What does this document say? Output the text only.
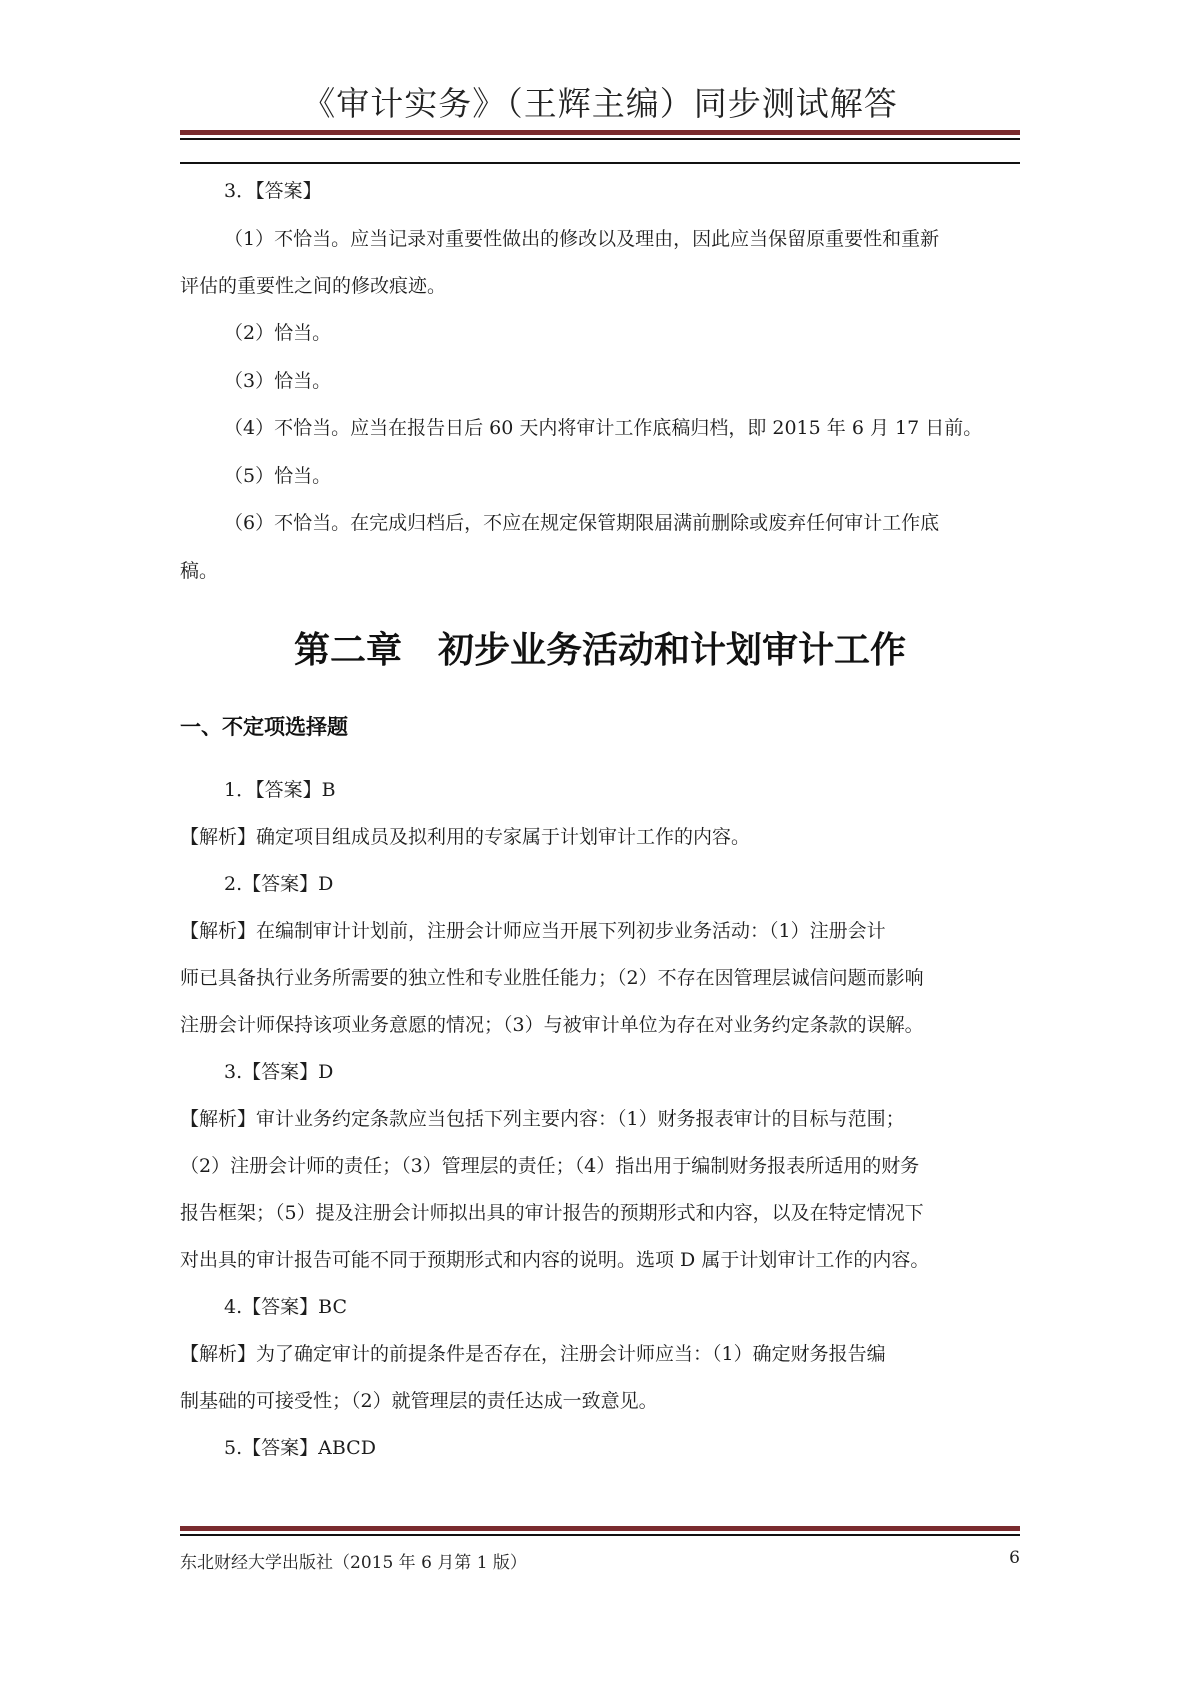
《审计实务》（王辉主编）同步测试解答
3．【答案】
（1）不恰当。应当记录对重要性做出的修改以及理由，因此应当保留原重要性和重新
评估的重要性之间的修改痕迹。
（2）恰当。
（3）恰当。
（4）不恰当。应当在报告日后 60 天内将审计工作底稿归档，即 2015 年 6 月 17 日前。
（5）恰当。
（6）不恰当。在完成归档后，不应在规定保管期限届满前删除或废弃任何审计工作底
稿。
第二章　初步业务活动和计划审计工作
一、不定项选择题
1．【答案】B
【解析】确定项目组成员及拟利用的专家属于计划审计工作的内容。
2.【答案】D
【解析】在编制审计计划前，注册会计师应当开展下列初步业务活动：（1）注册会计
师已具备执行业务所需要的独立性和专业胜任能力；（2）不存在因管理层诚信问题而影响
注册会计师保持该项业务意愿的情况；（3）与被审计单位为存在对业务约定条款的误解。
3.【答案】D
【解析】审计业务约定条款应当包括下列主要内容：（1）财务报表审计的目标与范围；
（2）注册会计师的责任；（3）管理层的责任；（4）指出用于编制财务报表所适用的财务
报告框架；（5）提及注册会计师拟出具的审计报告的预期形式和内容，以及在特定情况下
对出具的审计报告可能不同于预期形式和内容的说明。选项 D 属于计划审计工作的内容。
4.【答案】BC
【解析】为了确定审计的前提条件是否存在，注册会计师应当：（1）确定财务报告编
制基础的可接受性；（2）就管理层的责任达成一致意见。
5.【答案】ABCD
东北财经大学出版社（2015 年 6 月第 1 版）	6
